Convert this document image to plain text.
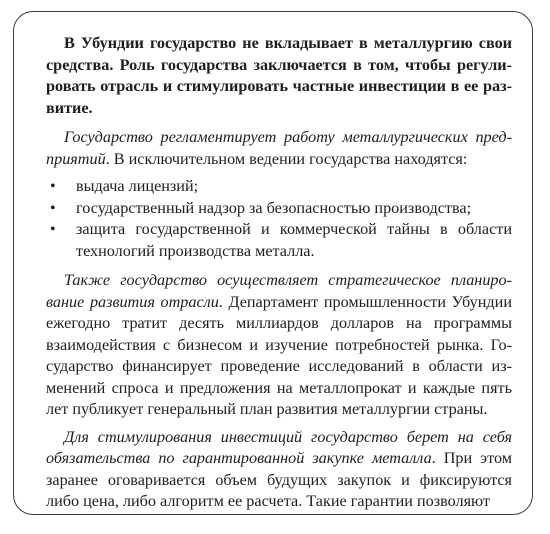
В Убундии государство не вкладывает в металлургию свои средства. Роль государства заключается в том, чтобы регулировать отрасль и стимулировать частные инвестиции в ее развитие.

Государство регламентирует работу металлургических предприятий. В исключительном ведении государства находятся:

• выдача лицензий;
• государственный надзор за безопасностью производства;
• защита государственной и коммерческой тайны в области технологий производства металла.

Также государство осуществляет стратегическое планирование развития отрасли. Департамент промышленности Убундии ежегодно тратит десять миллиардов долларов на программы взаимодействия с бизнесом и изучение потребностей рынка. Государство финансирует проведение исследований в области изменений спроса и предложения на металлопрокат и каждые пять лет публикует генеральный план развития металлургии страны.

Для стимулирования инвестиций государство берет на себя обязательства по гарантированной закупке металла. При этом заранее оговаривается объем будущих закупок и фиксируются либо цена, либо алгоритм ее расчета. Такие гарантии позволяют
